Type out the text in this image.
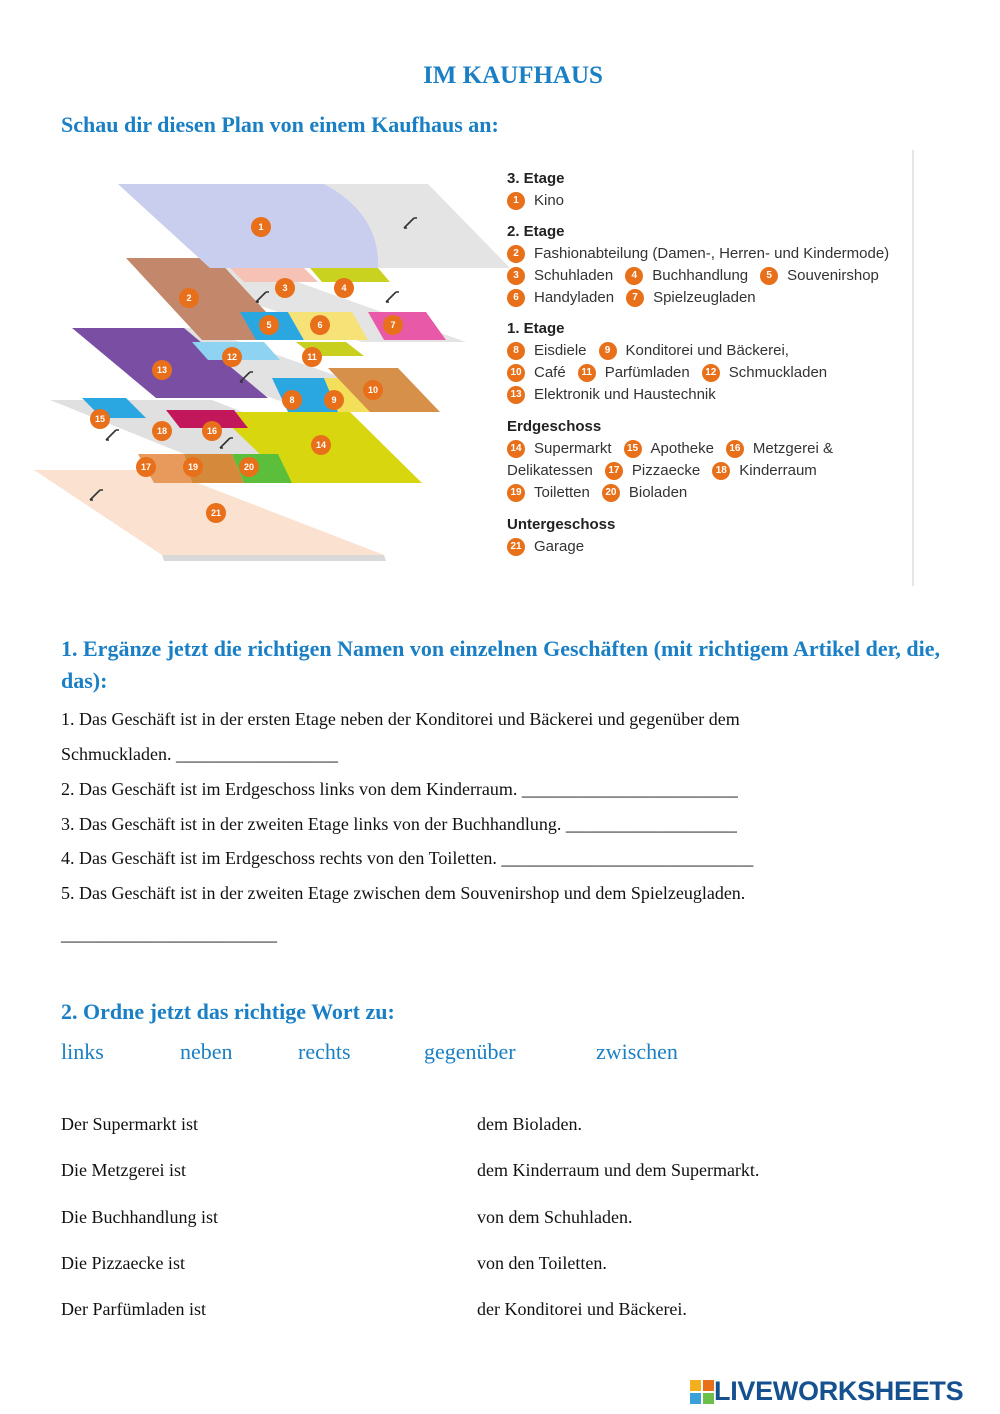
IM KAUFHAUS
Schau dir diesen Plan von einem Kaufhaus an:
1
2
3	4
5	6	7
8	9
10
11
12
13
14
15
16
17
18
19	20
21
3. Etage
1	Kino
2. Etage
2	Fashionabteilung (Damen-, Herren- und Kindermode)
3	Schuhladen	4	Buchhandlung	5	Souvenirshop
6	Handyladen	7	Spielzeugladen
1. Etage
8	Eisdiele	9	Konditorei und Bäckerei,
10 Café	11 Parfümladen	12 Schmuckladen
13 Elektronik und Haustechnik
Erdgeschoss
14 Supermarkt	15 Apotheke	16 Metzgerei &
Delikatessen	17 Pizzaecke	18 Kinderraum
19 Toiletten	20 Bioladen
Untergeschoss
21 Garage
1. Ergänze jetzt die richtigen Namen von einzelnen Geschäften (mit richtigem Artikel der, die, das):
1. Das Geschäft ist in der ersten Etage neben der Konditorei und Bäckerei und gegenüber dem
Schmuckladen. __________________
2. Das Geschäft ist im Erdgeschoss links von dem Kinderraum. ________________________
3. Das Geschäft ist in der zweiten Etage links von der Buchhandlung. ___________________
4. Das Geschäft ist im Erdgeschoss rechts von den Toiletten. ____________________________
5. Das Geschäft ist in der zweiten Etage zwischen dem Souvenirshop und dem Spielzeugladen.
________________________
2. Ordne jetzt das richtige Wort zu:
links	neben	rechts	gegenüber	zwischen
Der Supermarkt ist	dem Bioladen.
Die Metzgerei ist	dem Kinderraum und dem Supermarkt.
Die Buchhandlung ist	von dem Schuhladen.
Die Pizzaecke ist	von den Toiletten.
Der Parfümladen ist	der Konditorei und Bäckerei.
LIVEWORKSHEETS
